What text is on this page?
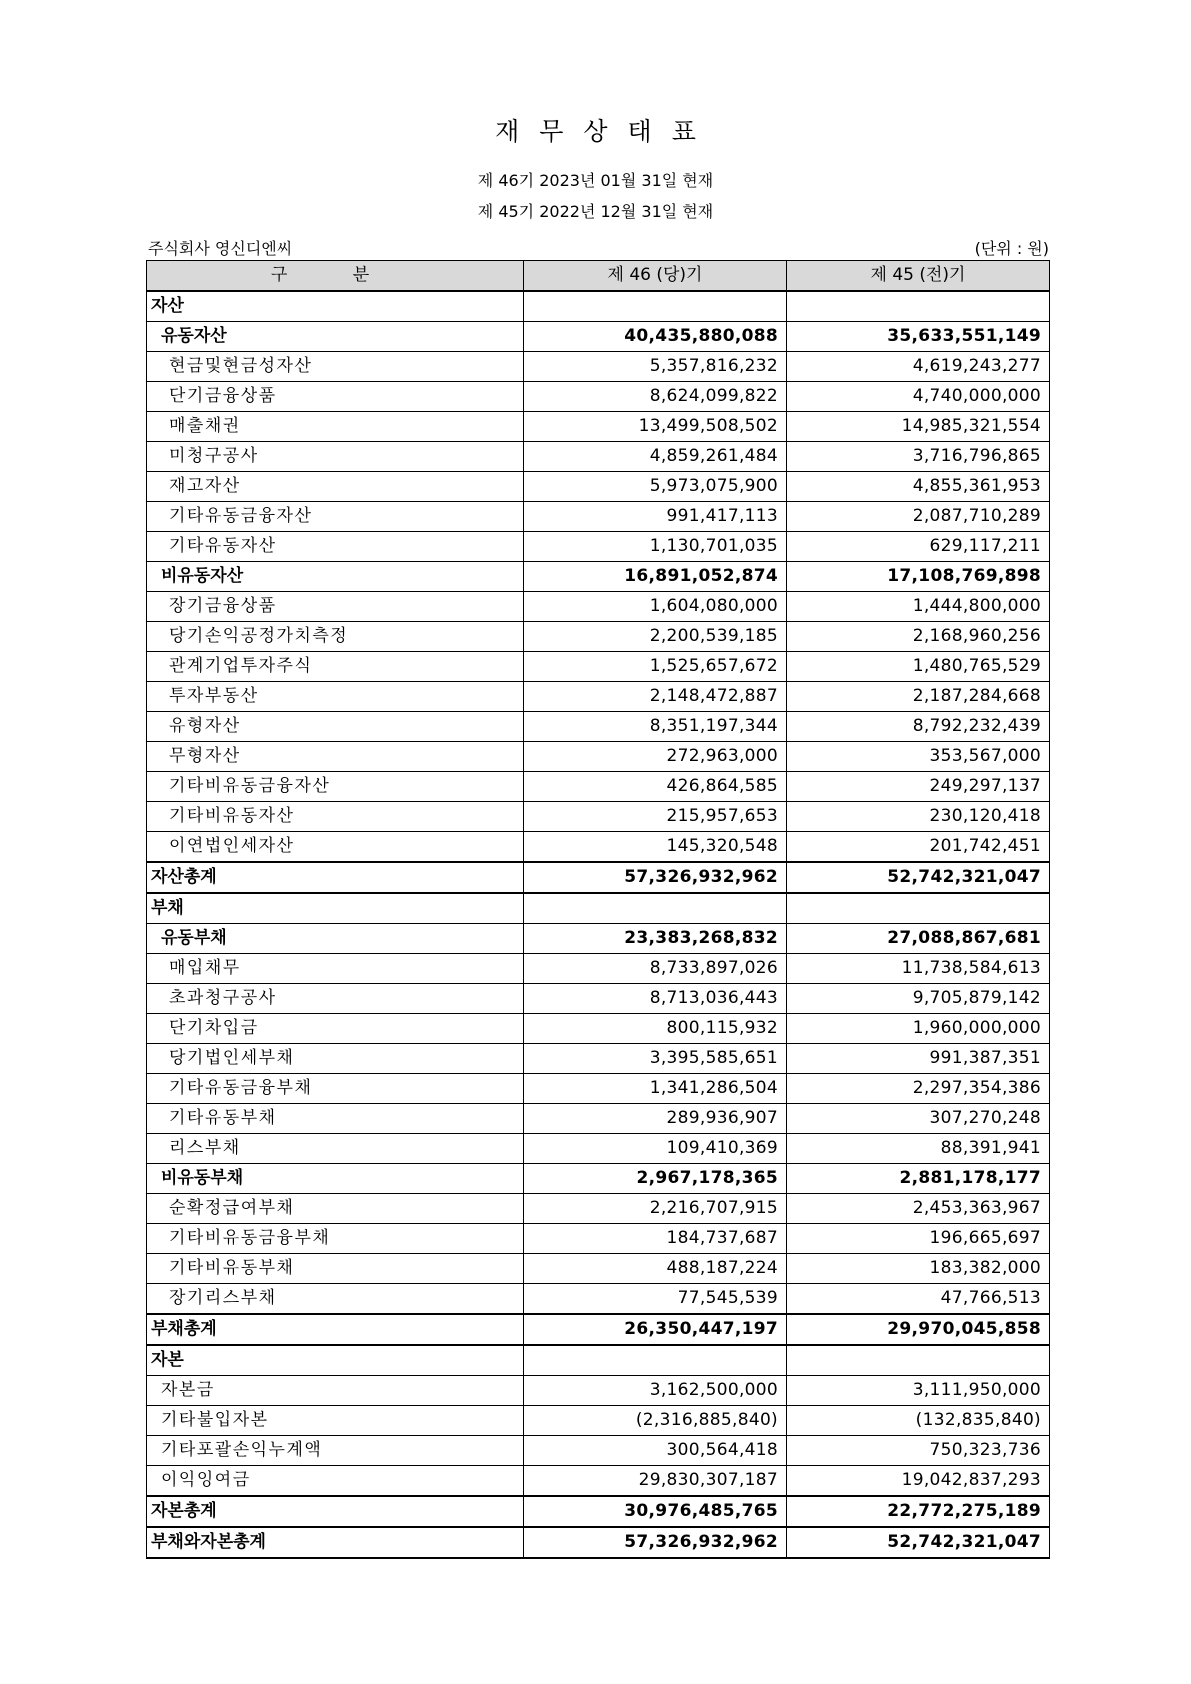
재무상태표
제 46기 2023년 01월 31일 현재
제 45기 2022년 12월 31일 현재
주식회사 영신디엔씨	(단위 : 원)
구 분	제 46 (당)기	제 45 (전)기
자산		
유동자산	40,435,880,088	35,633,551,149
현금및현금성자산	5,357,816,232	4,619,243,277
단기금융상품	8,624,099,822	4,740,000,000
매출채권	13,499,508,502	14,985,321,554
미청구공사	4,859,261,484	3,716,796,865
재고자산	5,973,075,900	4,855,361,953
기타유동금융자산	991,417,113	2,087,710,289
기타유동자산	1,130,701,035	629,117,211
비유동자산	16,891,052,874	17,108,769,898
장기금융상품	1,604,080,000	1,444,800,000
당기손익공정가치측정	2,200,539,185	2,168,960,256
관계기업투자주식	1,525,657,672	1,480,765,529
투자부동산	2,148,472,887	2,187,284,668
유형자산	8,351,197,344	8,792,232,439
무형자산	272,963,000	353,567,000
기타비유동금융자산	426,864,585	249,297,137
기타비유동자산	215,957,653	230,120,418
이연법인세자산	145,320,548	201,742,451
자산총계	57,326,932,962	52,742,321,047
부채		
유동부채	23,383,268,832	27,088,867,681
매입채무	8,733,897,026	11,738,584,613
초과청구공사	8,713,036,443	9,705,879,142
단기차입금	800,115,932	1,960,000,000
당기법인세부채	3,395,585,651	991,387,351
기타유동금융부채	1,341,286,504	2,297,354,386
기타유동부채	289,936,907	307,270,248
리스부채	109,410,369	88,391,941
비유동부채	2,967,178,365	2,881,178,177
순확정급여부채	2,216,707,915	2,453,363,967
기타비유동금융부채	184,737,687	196,665,697
기타비유동부채	488,187,224	183,382,000
장기리스부채	77,545,539	47,766,513
부채총계	26,350,447,197	29,970,045,858
자본		
자본금	3,162,500,000	3,111,950,000
기타불입자본	(2,316,885,840)	(132,835,840)
기타포괄손익누계액	300,564,418	750,323,736
이익잉여금	29,830,307,187	19,042,837,293
자본총계	30,976,485,765	22,772,275,189
부채와자본총계	57,326,932,962	52,742,321,047
